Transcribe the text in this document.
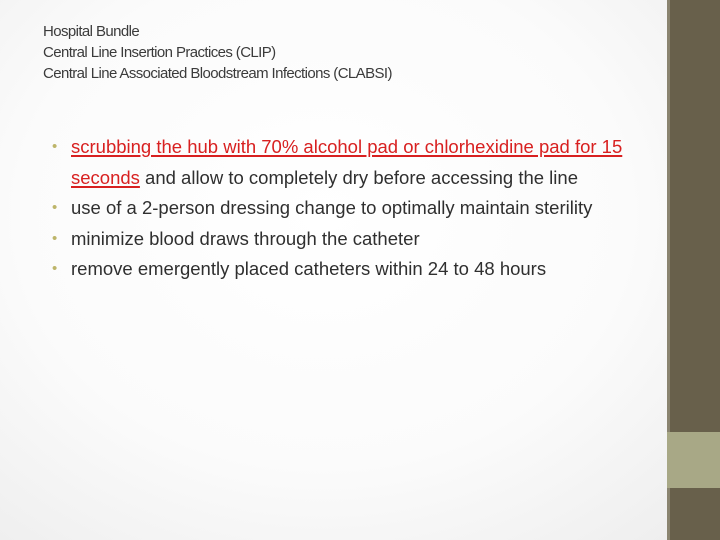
Hospital Bundle
Central Line Insertion Practices (CLIP)
Central Line Associated Bloodstream Infections (CLABSI)
• scrubbing the hub with 70% alcohol pad or chlorhexidine pad for 15 seconds and allow to completely dry before accessing the line
• use of a 2-person dressing change to optimally maintain sterility
• minimize blood draws through the catheter
• remove emergently placed catheters within 24 to 48 hours
